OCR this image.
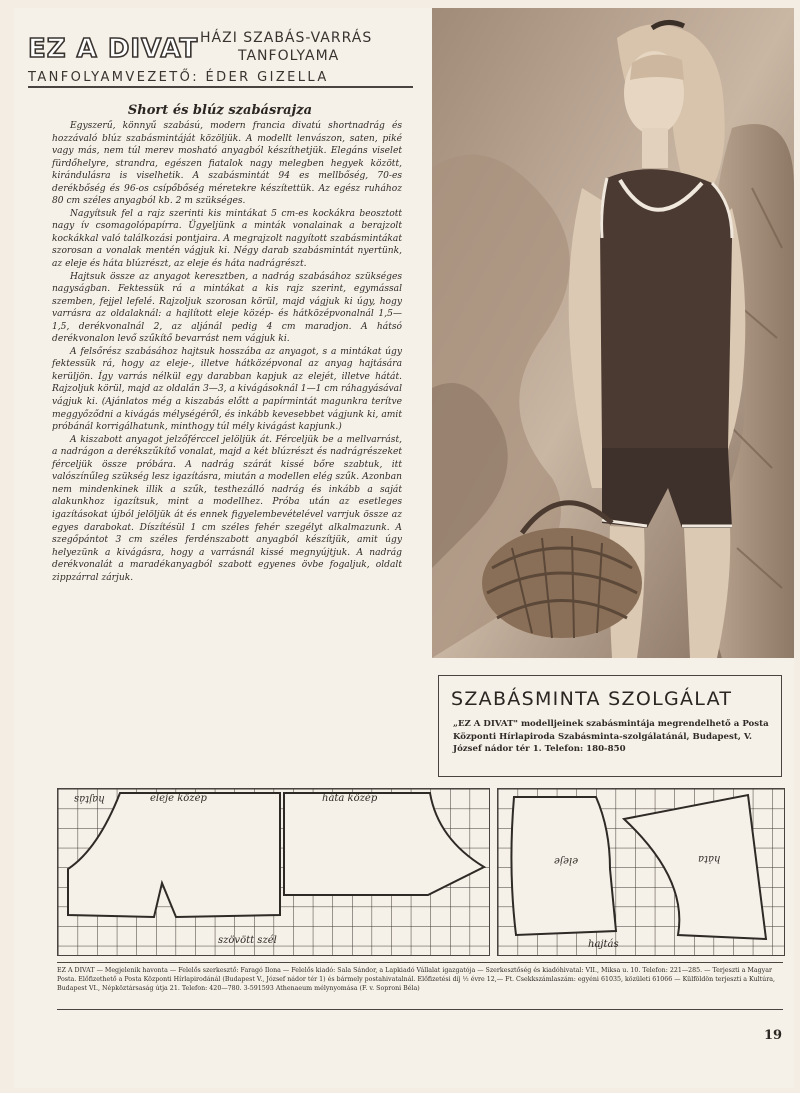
EZ A DIVAT HÁZI SZABÁS-VARRÁS
TANFOLYAMA
TANFOLYAMVEZETŐ: ÉDER GIZELLA
Short és blúz szabásrajza

Egyszerű, könnyű szabású, modern francia divatú shortnadrág és hozzávaló blúz szabásmintáját közöljük. A modellt lenvászon, saten, piké vagy más, nem túl merev mosható anyagból készíthetjük. Elegáns viselet fürdőhelyre, strandra, egészen fiatalok nagy melegben hegyek között, kirándulásra is viselhetik. A szabásmintát 94 es mellbőség, 70-es derékbőség és 96-os csípőbőség méretekre készítettük. Az egész ruhához 80 cm széles anyagból kb. 2 m szükséges.

Nagyítsuk fel a rajz szerinti kis mintákat 5 cm-es kockákra beosztott nagy ív csomagolópapírra. Ügyeljünk a minták vonalainak a berajzolt kockákkal való találkozási pontjaira. A megrajzolt nagyított szabásmintákat szorosan a vonalak mentén vágjuk ki. Négy darab szabásmintát nyertünk, az eleje és háta blúzrészt, az eleje és háta nadrágrészt.

Hajtsuk össze az anyagot keresztben, a nadrág szabásához szükséges nagyságban. Fektessük rá a mintákat a kis rajz szerint, egymással szemben, fejjel lefelé. Rajzoljuk szorosan körül, majd vágjuk ki úgy, hogy varrásra az oldalaknál: a hajlított eleje közép- és hátközépvonalnál 1,5—1,5, derékvonalnál 2, az aljánál pedig 4 cm maradjon. A hátsó derékvonalon levő szűkítő bevarrást nem vágjuk ki.

A felsőrész szabásához hajtsuk hosszába az anyagot, s a mintákat úgy fektessük rá, hogy az eleje-, illetve hátközépvonal az anyag hajtására kerüljön. Így varrás nélkül egy darabban kapjuk az elejét, illetve hátát. Rajzoljuk körül, majd az oldalán 3—3, a kivágásoknál 1—1 cm ráhagyásával vágjuk ki. (Ajánlatos még a kiszabás előtt a papírmintát magunkra terítve meggyőződni a kivágás mélységéről, és inkább kevesebbet vágjunk ki, amit próbánál korrigálhatunk, minthogy túl mély kivágást kapjunk.)

A kiszabott anyagot jelzőférccel jelöljük át. Férceljük be a mellvarrást, a nadrágon a derékszűkítő vonalat, majd a két blúzrészt és nadrágrészeket férceljük össze próbára. A nadrág szárát kissé bőre szabtuk, itt valószínűleg szükség lesz igazításra, miután a modellen elég szűk. Azonban nem mindenkinek illik a szűk, testhezálló nadrág és inkább a saját alakunkhoz igazítsuk, mint a modellhez. Próba után az esetleges igazításokat újból jelöljük át és ennek figyelembevételével varrjuk össze az egyes darabokat. Díszítésül 1 cm széles fehér szegélyt alkalmazunk. A szegőpántot 3 cm széles ferdénszabott anyagból készítjük, amit úgy helyezünk a kivágásra, hogy a varrásnál kissé megnyújtjuk. A nadrág derékvonalát a maradékanyagból szabott egyenes övbe fogaljuk, oldalt zippzárral zárjuk.

SZABÁSMINTA SZOLGÁLAT
„EZ A DIVAT" modelljeinek szabásmintája megrendelhető a Posta Központi Hírlapiroda Szabásminta-szolgálatánál, Budapest, V. József nádor tér 1. Telefon: 180-850
hajtás	eleje közép	háta közép
szövött szél
eleje	háta
hajtás
EZ A DIVAT — Megjelenik havonta — Felelős szerkesztő: Faragó Ilona — Felelős kiadó: Sala Sándor, a Lapkiadó Vállalat igazgatója — Szerkesztőség és kiadóhivatal: VII., Miksa u. 10. Telefon: 221—285. — Terjeszti a Magyar Posta. Előfizethető a Posta Központi Hírlapirodánál (Budapest V., József nádor tér 1) és bármely postahivatalnál. Előfizetési díj ½ évre 12,— Ft. Csekkszámlaszám: egyéni 61035, közületi 61066 — Külföldön terjeszti a Kultúra, Budapest VI., Népköztársaság útja 21. Telefon: 420—780. 3-591593 Athenaeum mélynyomása (F. v. Soproni Béla)
19
